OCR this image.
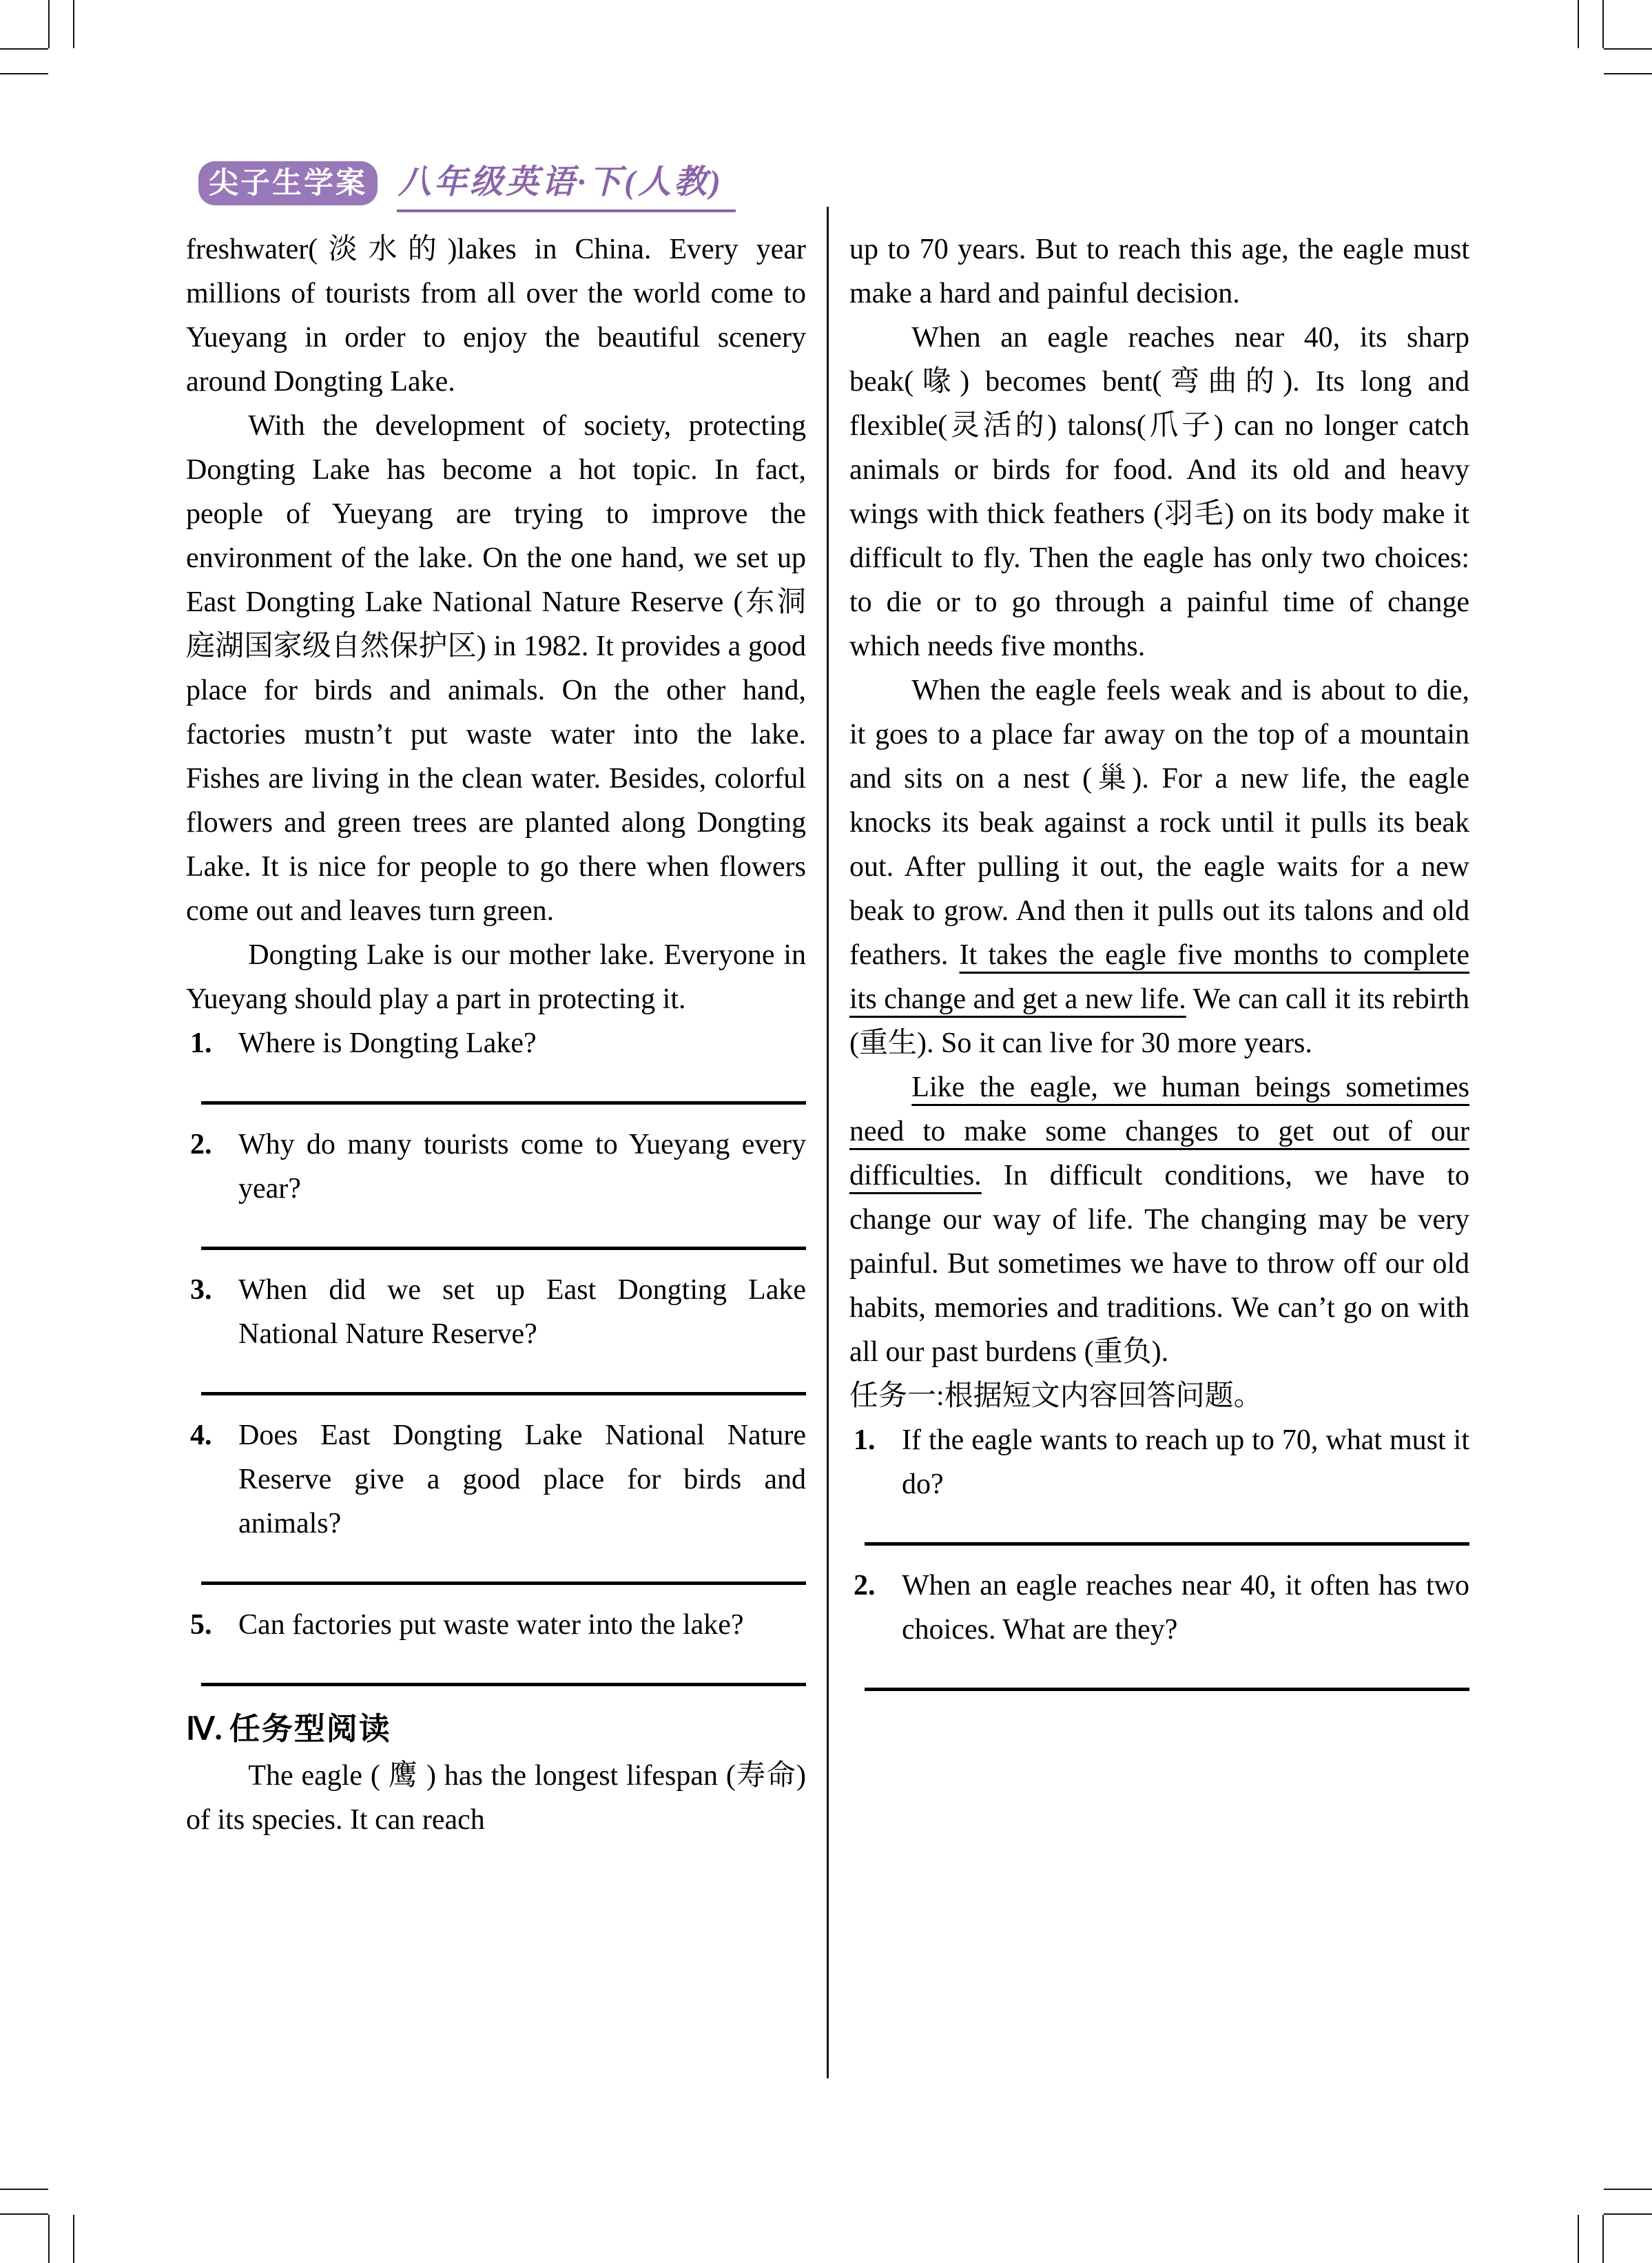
尖子生学案 八年级英语·下(人教)

freshwater(淡水的)lakes in China. Every year millions of tourists from all over the world come to Yueyang in order to enjoy the beautiful scenery around Dongting Lake.

With the development of society, protecting Dongting Lake has become a hot topic. In fact, people of Yueyang are trying to improve the environment of the lake. On the one hand, we set up East Dongting Lake National Nature Reserve (东洞庭湖国家级自然保护区) in 1982. It provides a good place for birds and animals. On the other hand, factories mustn’t put waste water into the lake. Fishes are living in the clean water. Besides, colorful flowers and green trees are planted along Dongting Lake. It is nice for people to go there when flowers come out and leaves turn green.

Dongting Lake is our mother lake. Everyone in Yueyang should play a part in protecting it.

1. Where is Dongting Lake?
2. Why do many tourists come to Yueyang every year?
3. When did we set up East Dongting Lake National Nature Reserve?
4. Does East Dongting Lake National Nature Reserve give a good place for birds and animals?
5. Can factories put waste water into the lake?
Ⅳ. 任务型阅读

The eagle ( 鹰 ) has the longest lifespan (寿命) of its species. It can reach

up to 70 years. But to reach this age, the eagle must make a hard and painful decision.

When an eagle reaches near 40, its sharp beak(喙) becomes bent(弯曲的). Its long and flexible(灵活的) talons(爪子) can no longer catch animals or birds for food. And its old and heavy wings with thick feathers (羽毛) on its body make it difficult to fly. Then the eagle has only two choices: to die or to go through a painful time of change which needs five months.

When the eagle feels weak and is about to die, it goes to a place far away on the top of a mountain and sits on a nest (巢). For a new life, the eagle knocks its beak against a rock until it pulls its beak out. After pulling it out, the eagle waits for a new beak to grow. And then it pulls out its talons and old feathers. It takes the eagle five months to complete its change and get a new life. We can call it its rebirth (重生). So it can live for 30 more years.

Like the eagle, we human beings sometimes need to make some changes to get out of our difficulties. In difficult conditions, we have to change our way of life. The changing may be very painful. But sometimes we have to throw off our old habits, memories and traditions. We can’t go on with all our past burdens (重负).

任务一:根据短文内容回答问题。
1. If the eagle wants to reach up to 70, what must it do?
2. When an eagle reaches near 40, it often has two choices. What are they?
